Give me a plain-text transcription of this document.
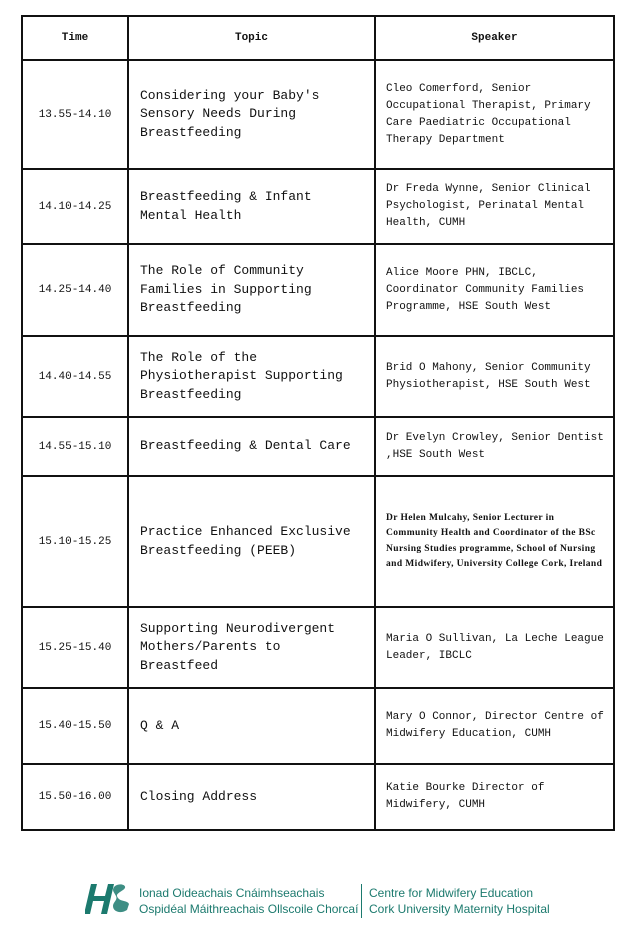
Time	Topic	Speaker
13.55-14.10	Considering your Baby's Sensory Needs During Breastfeeding	Cleo Comerford, Senior Occupational Therapist, Primary Care Paediatric Occupational Therapy Department
14.10-14.25	Breastfeeding & Infant Mental Health	Dr Freda Wynne, Senior Clinical Psychologist, Perinatal Mental Health, CUMH
14.25-14.40	The Role of Community Families in Supporting Breastfeeding	Alice Moore PHN, IBCLC, Coordinator Community Families Programme, HSE South West
14.40-14.55	The Role of the Physiotherapist Supporting Breastfeeding	Brid O Mahony, Senior Community Physiotherapist, HSE South West
14.55-15.10	Breastfeeding & Dental Care	Dr Evelyn Crowley, Senior Dentist ,HSE South West
15.10-15.25	Practice Enhanced Exclusive Breastfeeding (PEEB)	Dr Helen Mulcahy, Senior Lecturer in Community Health and Coordinator of the BSc Nursing Studies programme, School of Nursing and Midwifery, University College Cork, Ireland
15.25-15.40	Supporting Neurodivergent Mothers/Parents to Breastfeed	Maria O Sullivan, La Leche League Leader, IBCLC
15.40-15.50	Q & A	Mary O Connor, Director Centre of Midwifery Education, CUMH
15.50-16.00	Closing Address	Katie Bourke Director of Midwifery, CUMH
Ionad Oideachais Cnáimhseachais
Ospidéal Máithreachais Ollscoile Chorcaí
Centre for Midwifery Education
Cork University Maternity Hospital
